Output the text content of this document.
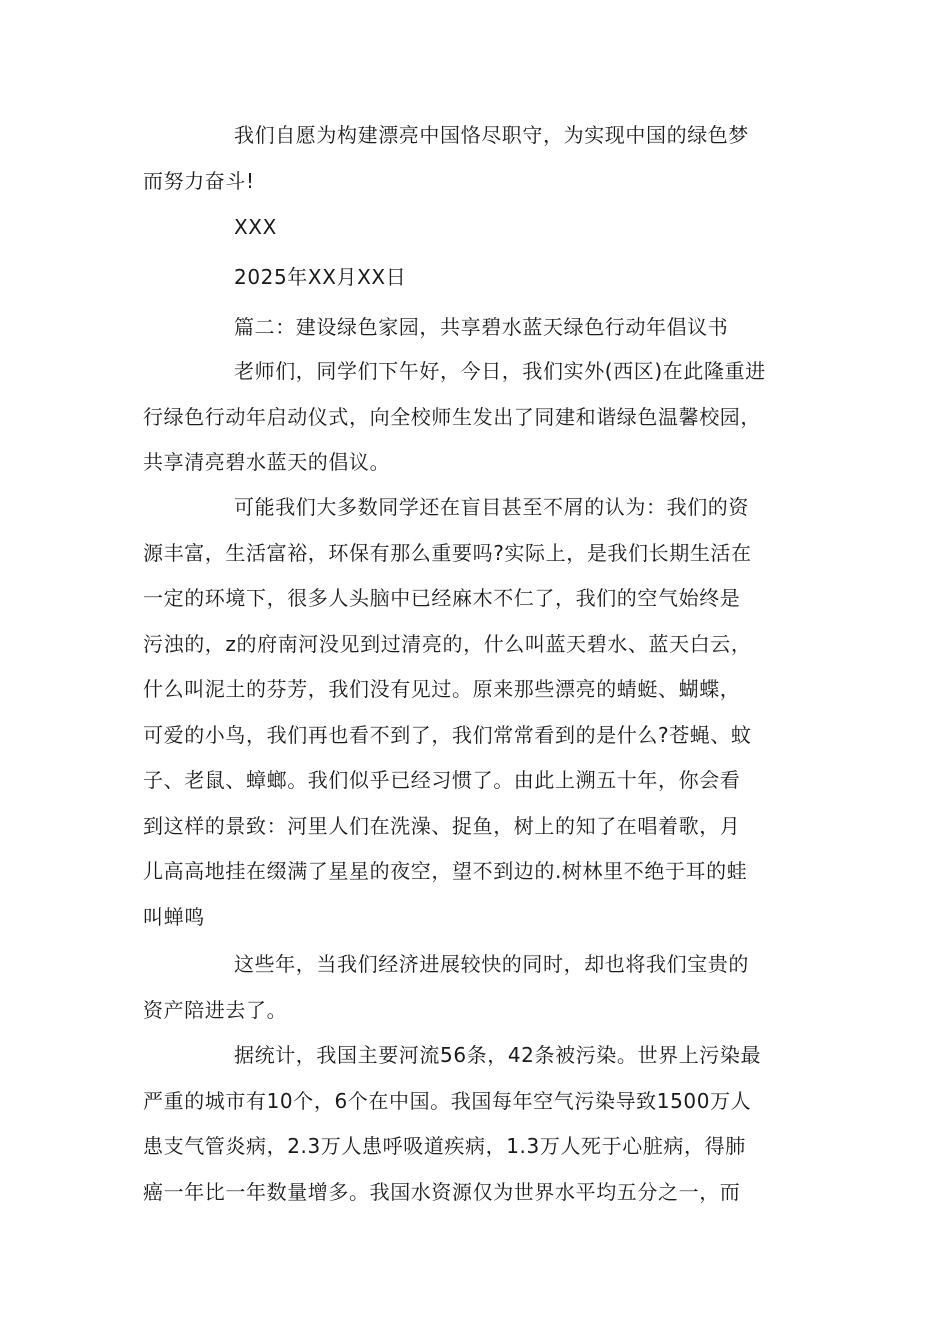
我们自愿为构建漂亮中国恪尽职守，为实现中国的绿色梦
而努力奋斗!
XXX
2025年XX月XX日
篇二：建设绿色家园，共享碧水蓝天绿色行动年倡议书
老师们，同学们下午好，今日，我们实外(西区)在此隆重进
行绿色行动年启动仪式，向全校师生发出了同建和谐绿色温馨校园，
共享清亮碧水蓝天的倡议。
可能我们大多数同学还在盲目甚至不屑的认为：我们的资
源丰富，生活富裕，环保有那么重要吗?实际上，是我们长期生活在
一定的环境下，很多人头脑中已经麻木不仁了，我们的空气始终是
污浊的，z的府南河没见到过清亮的，什么叫蓝天碧水、蓝天白云，
什么叫泥土的芬芳，我们没有见过。原来那些漂亮的蜻蜓、蝴蝶，
可爱的小鸟，我们再也看不到了，我们常常看到的是什么?苍蝇、蚊
子、老鼠、蟑螂。我们似乎已经习惯了。由此上溯五十年，你会看
到这样的景致：河里人们在洗澡、捉鱼，树上的知了在唱着歌，月
儿高高地挂在缀满了星星的夜空，望不到边的.树林里不绝于耳的蛙
叫蝉鸣
这些年，当我们经济进展较快的同时，却也将我们宝贵的
资产陪进去了。
据统计，我国主要河流56条，42条被污染。世界上污染最
严重的城市有10个，6个在中国。我国每年空气污染导致1500万人
患支气管炎病，2.3万人患呼吸道疾病，1.3万人死于心脏病，得肺
癌一年比一年数量增多。我国水资源仅为世界水平均五分之一，而
